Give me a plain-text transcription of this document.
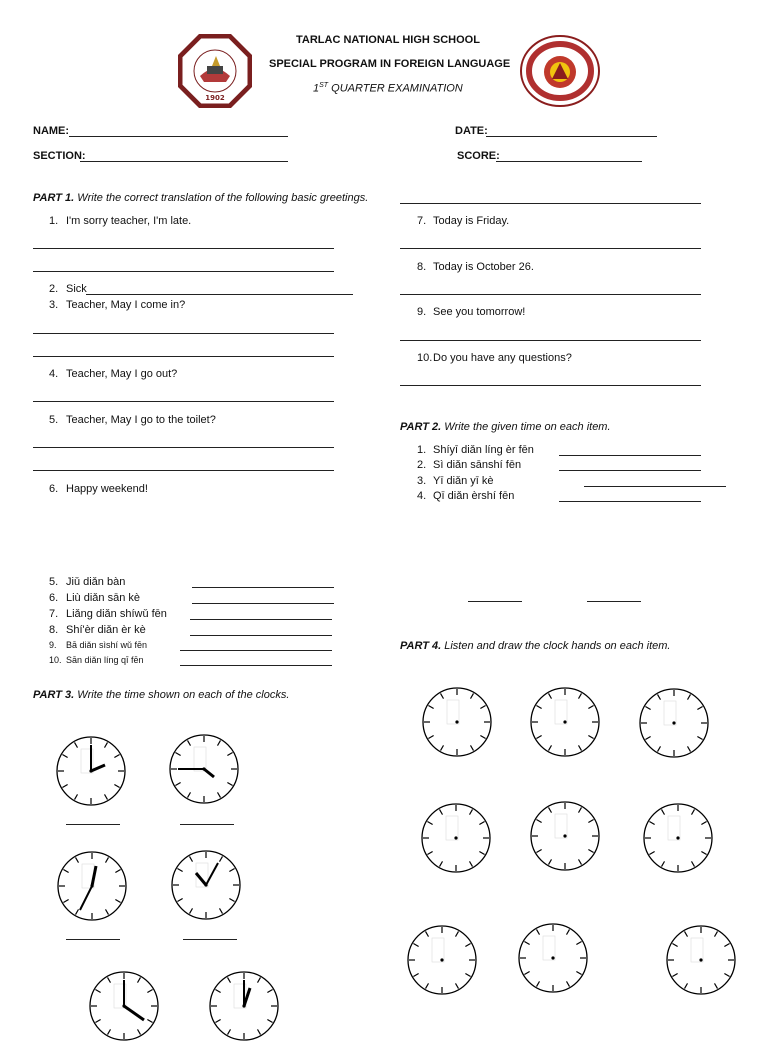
1902
TARLAC NATIONAL HIGH SCHOOL
SPECIAL PROGRAM IN FOREIGN LANGUAGE
1ST QUARTER EXAMINATION
NAME:	DATE:
SECTION:	SCORE:
PART 1. Write the correct translation of the following basic greetings.
1. I'm sorry teacher, I'm late.
2. Sick
3. Teacher, May I come in?
4. Teacher, May I go out?
5. Teacher, May I go to the toilet?
6. Happy weekend!
7. Today is Friday.
8. Today is October 26.
9. See you tomorrow!
10. Do you have any questions?
PART 2. Write the given time on each item.
1. Shíyī diǎn líng èr fēn
2. Sì diǎn sānshí fēn
3. Yī diǎn yī kè
4. Qī diǎn èrshí fēn
5. Jiǔ diǎn bàn
6. Liù diǎn sān kè
7. Liǎng diǎn shíwǔ fēn
8. Shí'èr diǎn èr kè
9. Bā diǎn sìshí wǔ fēn
10. Sān diǎn líng qī fēn
PART 3. Write the time shown on each of the clocks.
PART 4. Listen and draw the clock hands on each item.
